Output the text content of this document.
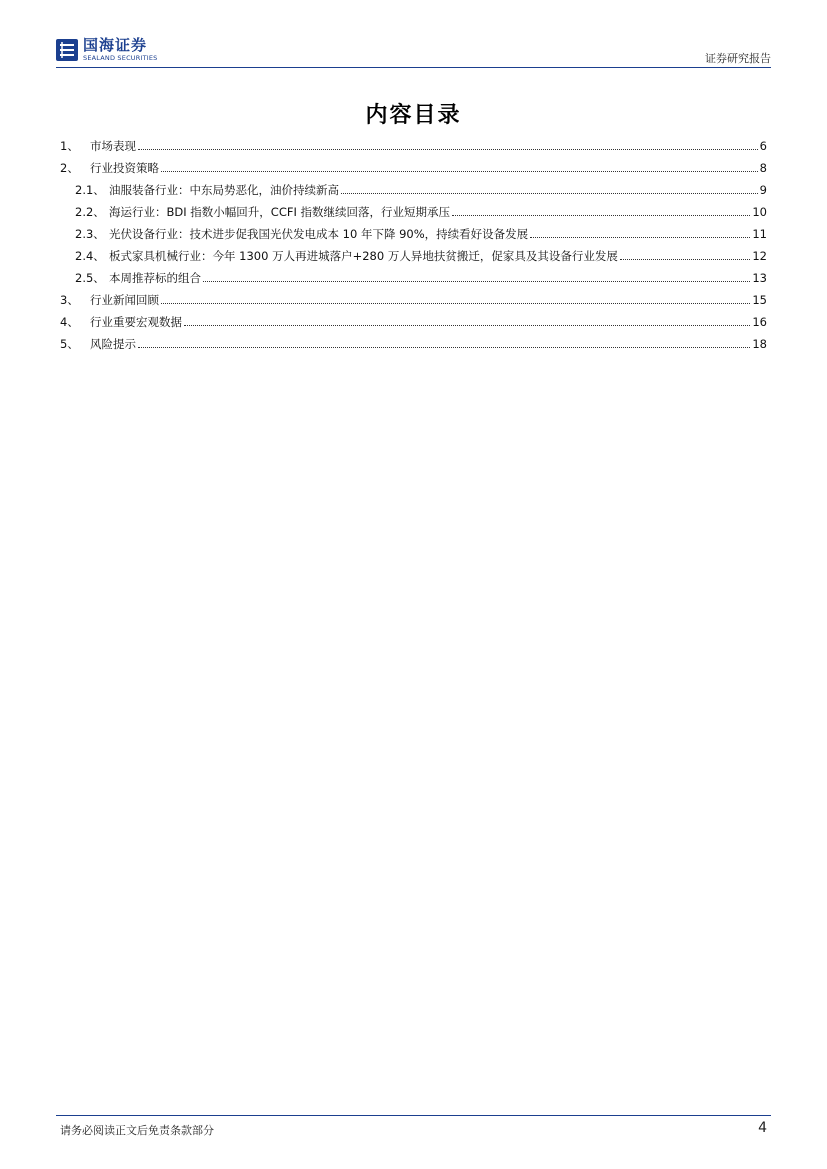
国海证券
SEALAND SECURITIES	证券研究报告
内容目录
1、 市场表现	6
2、 行业投资策略	8
2.1、 油服装备行业：中东局势恶化，油价持续新高	9
2.2、 海运行业：BDI 指数小幅回升，CCFI 指数继续回落，行业短期承压	10
2.3、 光伏设备行业：技术进步促我国光伏发电成本 10 年下降 90%，持续看好设备发展	11
2.4、 板式家具机械行业：今年 1300 万人再进城落户+280 万人异地扶贫搬迁，促家具及其设备行业发展	12
2.5、 本周推荐标的组合	13
3、 行业新闻回顾	15
4、 行业重要宏观数据	16
5、 风险提示	18
请务必阅读正文后免责条款部分	4
